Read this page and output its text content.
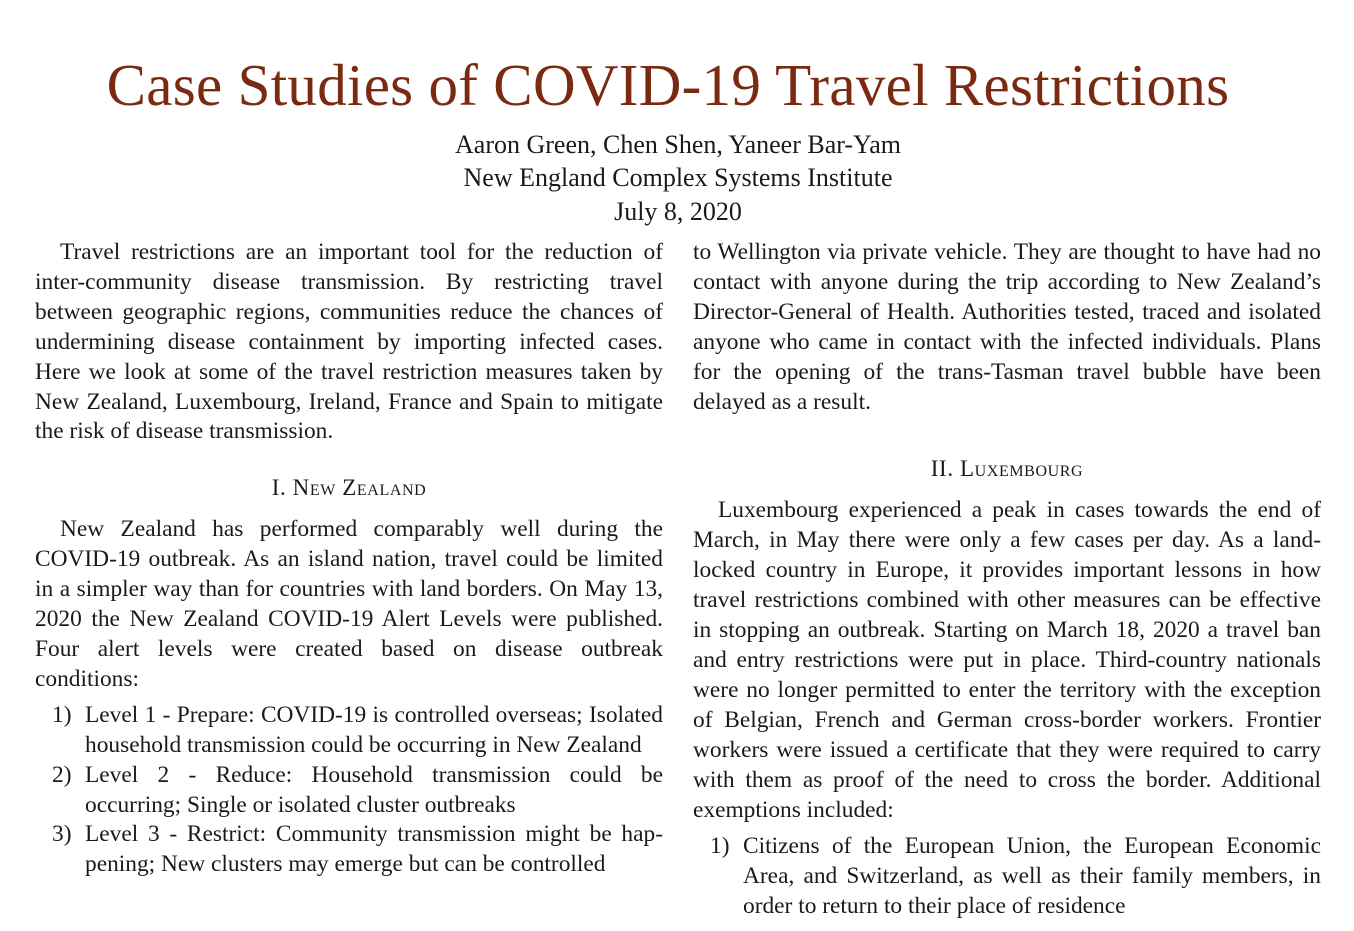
Case Studies of COVID-19 Travel Restrictions
Aaron Green, Chen Shen, Yaneer Bar-Yam
New England Complex Systems Institute
July 8, 2020

Travel restrictions are an important tool for the reduction of inter-community disease transmission. By restricting travel between geographic regions, communities reduce the chances of undermining disease containment by importing infected cases. Here we look at some of the travel restriction measures taken by New Zealand, Luxembourg, Ireland, France and Spain to mitigate the risk of disease transmission.

I. New Zealand

New Zealand has performed comparably well during the COVID-19 outbreak. As an island nation, travel could be limited in a simpler way than for countries with land borders. On May 13, 2020 the New Zealand COVID-19 Alert Levels were published. Four alert levels were created based on disease outbreak conditions:

1) Level 1 - Prepare: COVID-19 is controlled overseas; Isolated household transmission could be occurring in New Zealand
2) Level 2 - Reduce: Household transmission could be occurring; Single or isolated cluster outbreaks
3) Level 3 - Restrict: Community transmission might be happening; New clusters may emerge but can be controlled

to Wellington via private vehicle. They are thought to have had no contact with anyone during the trip according to New Zealand’s Director-General of Health. Authorities tested, traced and isolated anyone who came in contact with the infected individuals. Plans for the opening of the trans-Tasman travel bubble have been delayed as a result.

II. Luxembourg

Luxembourg experienced a peak in cases towards the end of March, in May there were only a few cases per day. As a land-locked country in Europe, it provides important lessons in how travel restrictions combined with other measures can be effective in stopping an outbreak. Starting on March 18, 2020 a travel ban and entry restrictions were put in place. Third-country nationals were no longer permitted to enter the territory with the exception of Belgian, French and German cross-border workers. Frontier workers were issued a certificate that they were required to carry with them as proof of the need to cross the border. Additional exemptions included:

1) Citizens of the European Union, the European Economic Area, and Switzerland, as well as their family members, in order to return to their place of residence
